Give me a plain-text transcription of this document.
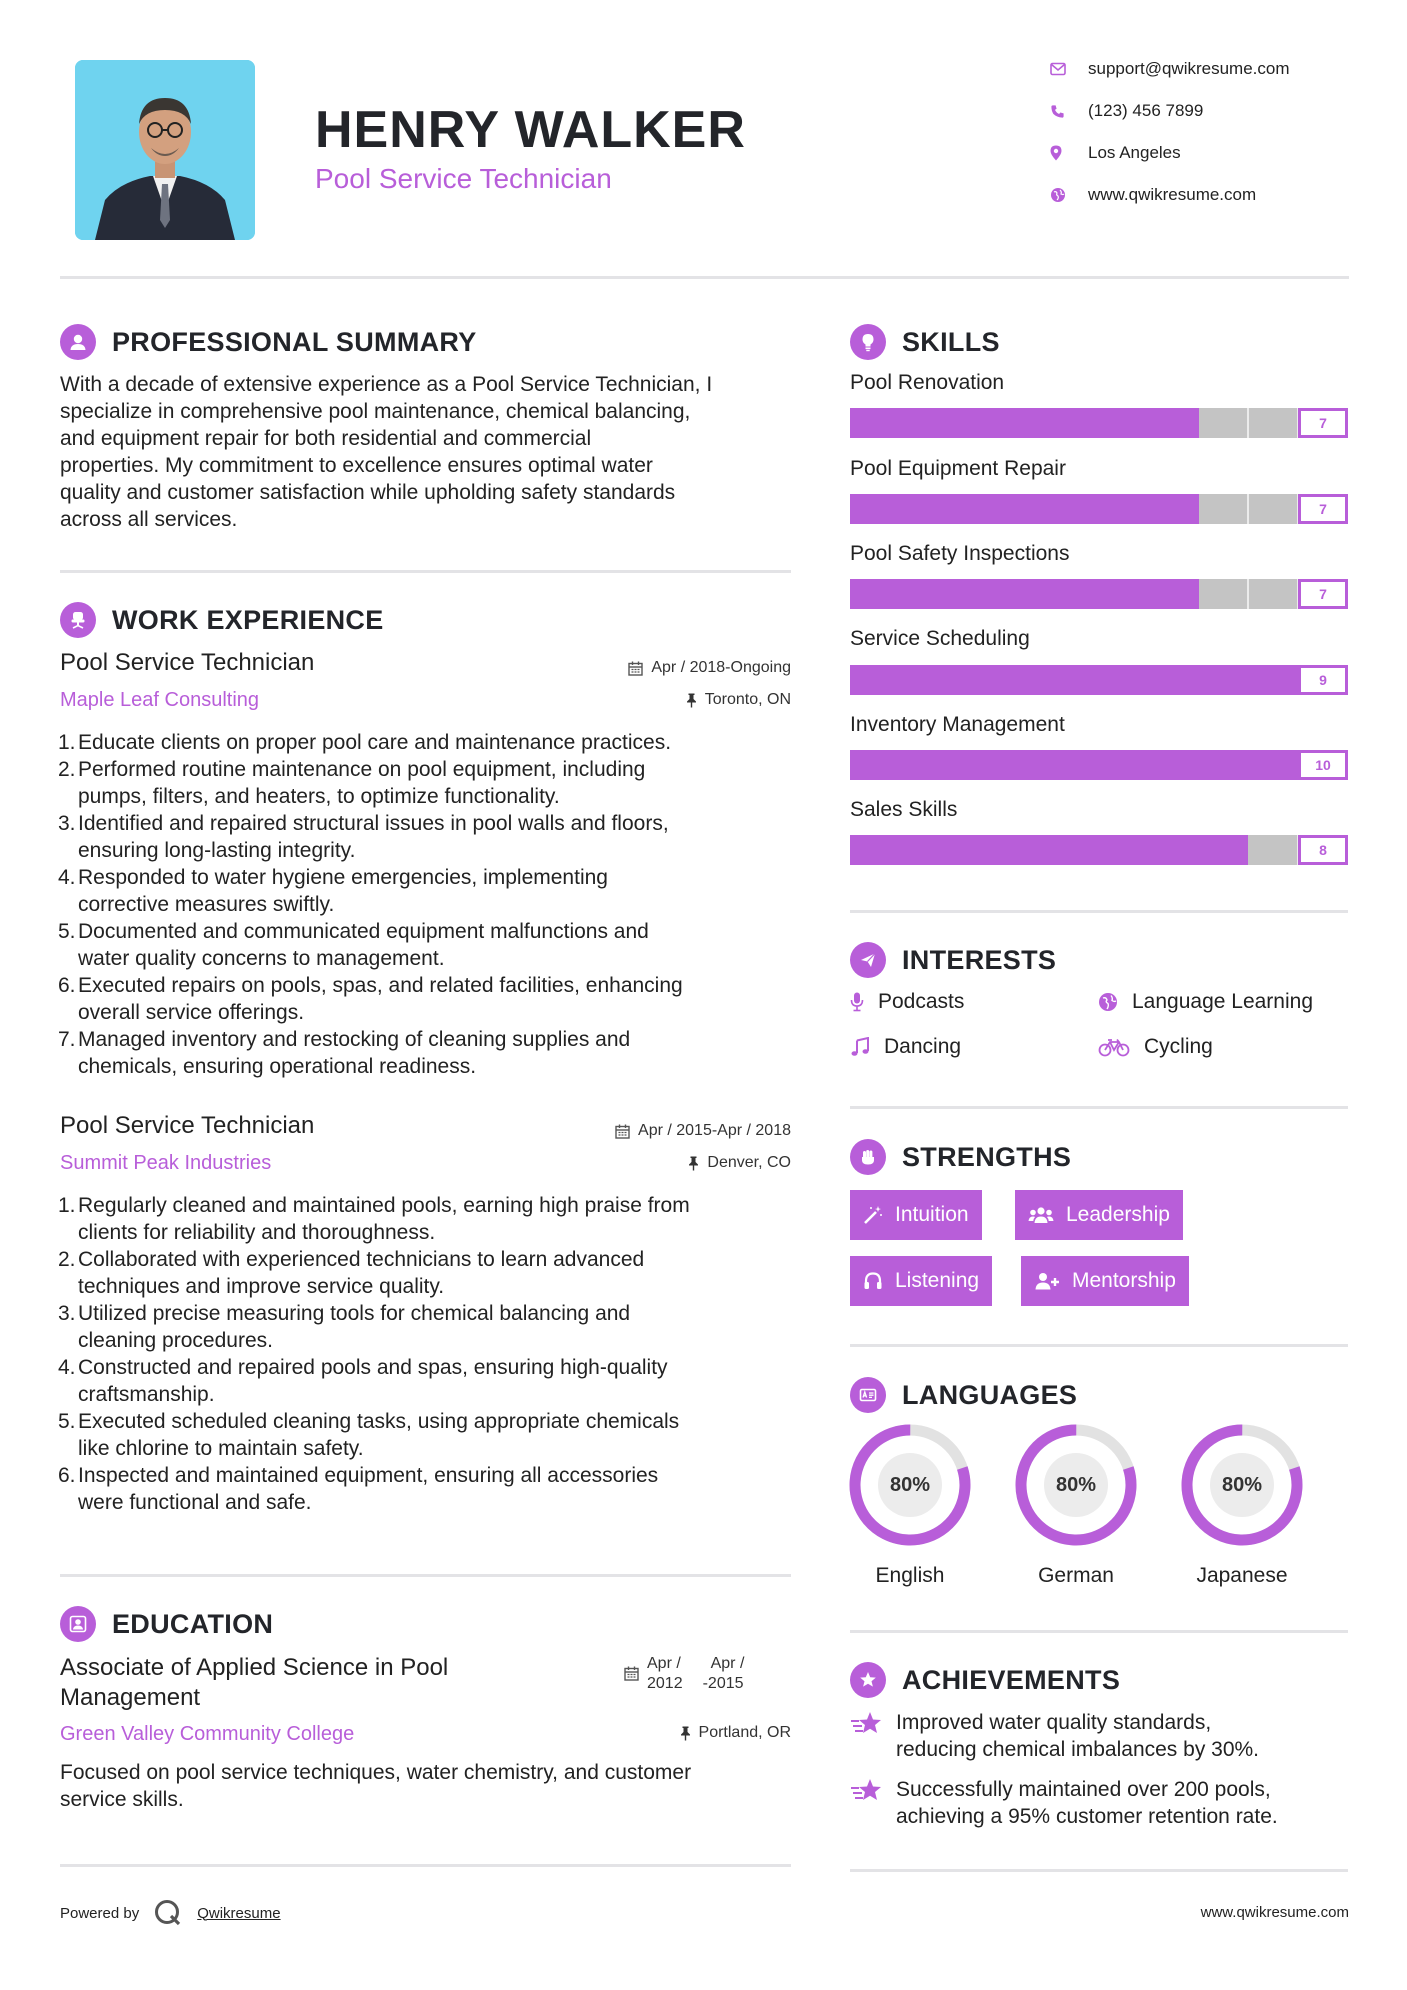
HENRY WALKER
Pool Service Technician
support@qwikresume.com
(123) 456 7899
Los Angeles
www.qwikresume.com
PROFESSIONAL SUMMARY
With a decade of extensive experience as a Pool Service Technician, I
specialize in comprehensive pool maintenance, chemical balancing,
and equipment repair for both residential and commercial
properties. My commitment to excellence ensures optimal water
quality and customer satisfaction while upholding safety standards
across all services.
WORK EXPERIENCE
Pool Service Technician
Maple Leaf Consulting
Apr / 2018-Ongoing
Toronto, ON
1. Educate clients on proper pool care and maintenance practices.
2. Performed routine maintenance on pool equipment, including
pumps, filters, and heaters, to optimize functionality.
3. Identified and repaired structural issues in pool walls and floors,
ensuring long-lasting integrity.
4. Responded to water hygiene emergencies, implementing
corrective measures swiftly.
5. Documented and communicated equipment malfunctions and
water quality concerns to management.
6. Executed repairs on pools, spas, and related facilities, enhancing
overall service offerings.
7. Managed inventory and restocking of cleaning supplies and
chemicals, ensuring operational readiness.
Pool Service Technician
Summit Peak Industries
Apr / 2015-Apr / 2018
Denver, CO
1. Regularly cleaned and maintained pools, earning high praise from
clients for reliability and thoroughness.
2. Collaborated with experienced technicians to learn advanced
techniques and improve service quality.
3. Utilized precise measuring tools for chemical balancing and
cleaning procedures.
4. Constructed and repaired pools and spas, ensuring high-quality
craftsmanship.
5. Executed scheduled cleaning tasks, using appropriate chemicals
like chlorine to maintain safety.
6. Inspected and maintained equipment, ensuring all accessories
were functional and safe.
EDUCATION
Associate of Applied Science in Pool
Management
Green Valley Community College
Apr /
2012
Apr /
- 2015
Portland, OR
Focused on pool service techniques, water chemistry, and customer
service skills.
SKILLS
Pool Renovation
7
Pool Equipment Repair
7
Pool Safety Inspections
7
Service Scheduling
9
Inventory Management
10
Sales Skills
8
INTERESTS
Podcasts	Language Learning
Dancing	Cycling
STRENGTHS
Intuition	Leadership
Listening	Mentorship
LANGUAGES
80%
English
80%
German
80%
Japanese
ACHIEVEMENTS
Improved water quality standards,
reducing chemical imbalances by 30%.
Successfully maintained over 200 pools,
achieving a 95% customer retention rate.
Powered by	Qwikresume	www.qwikresume.com
